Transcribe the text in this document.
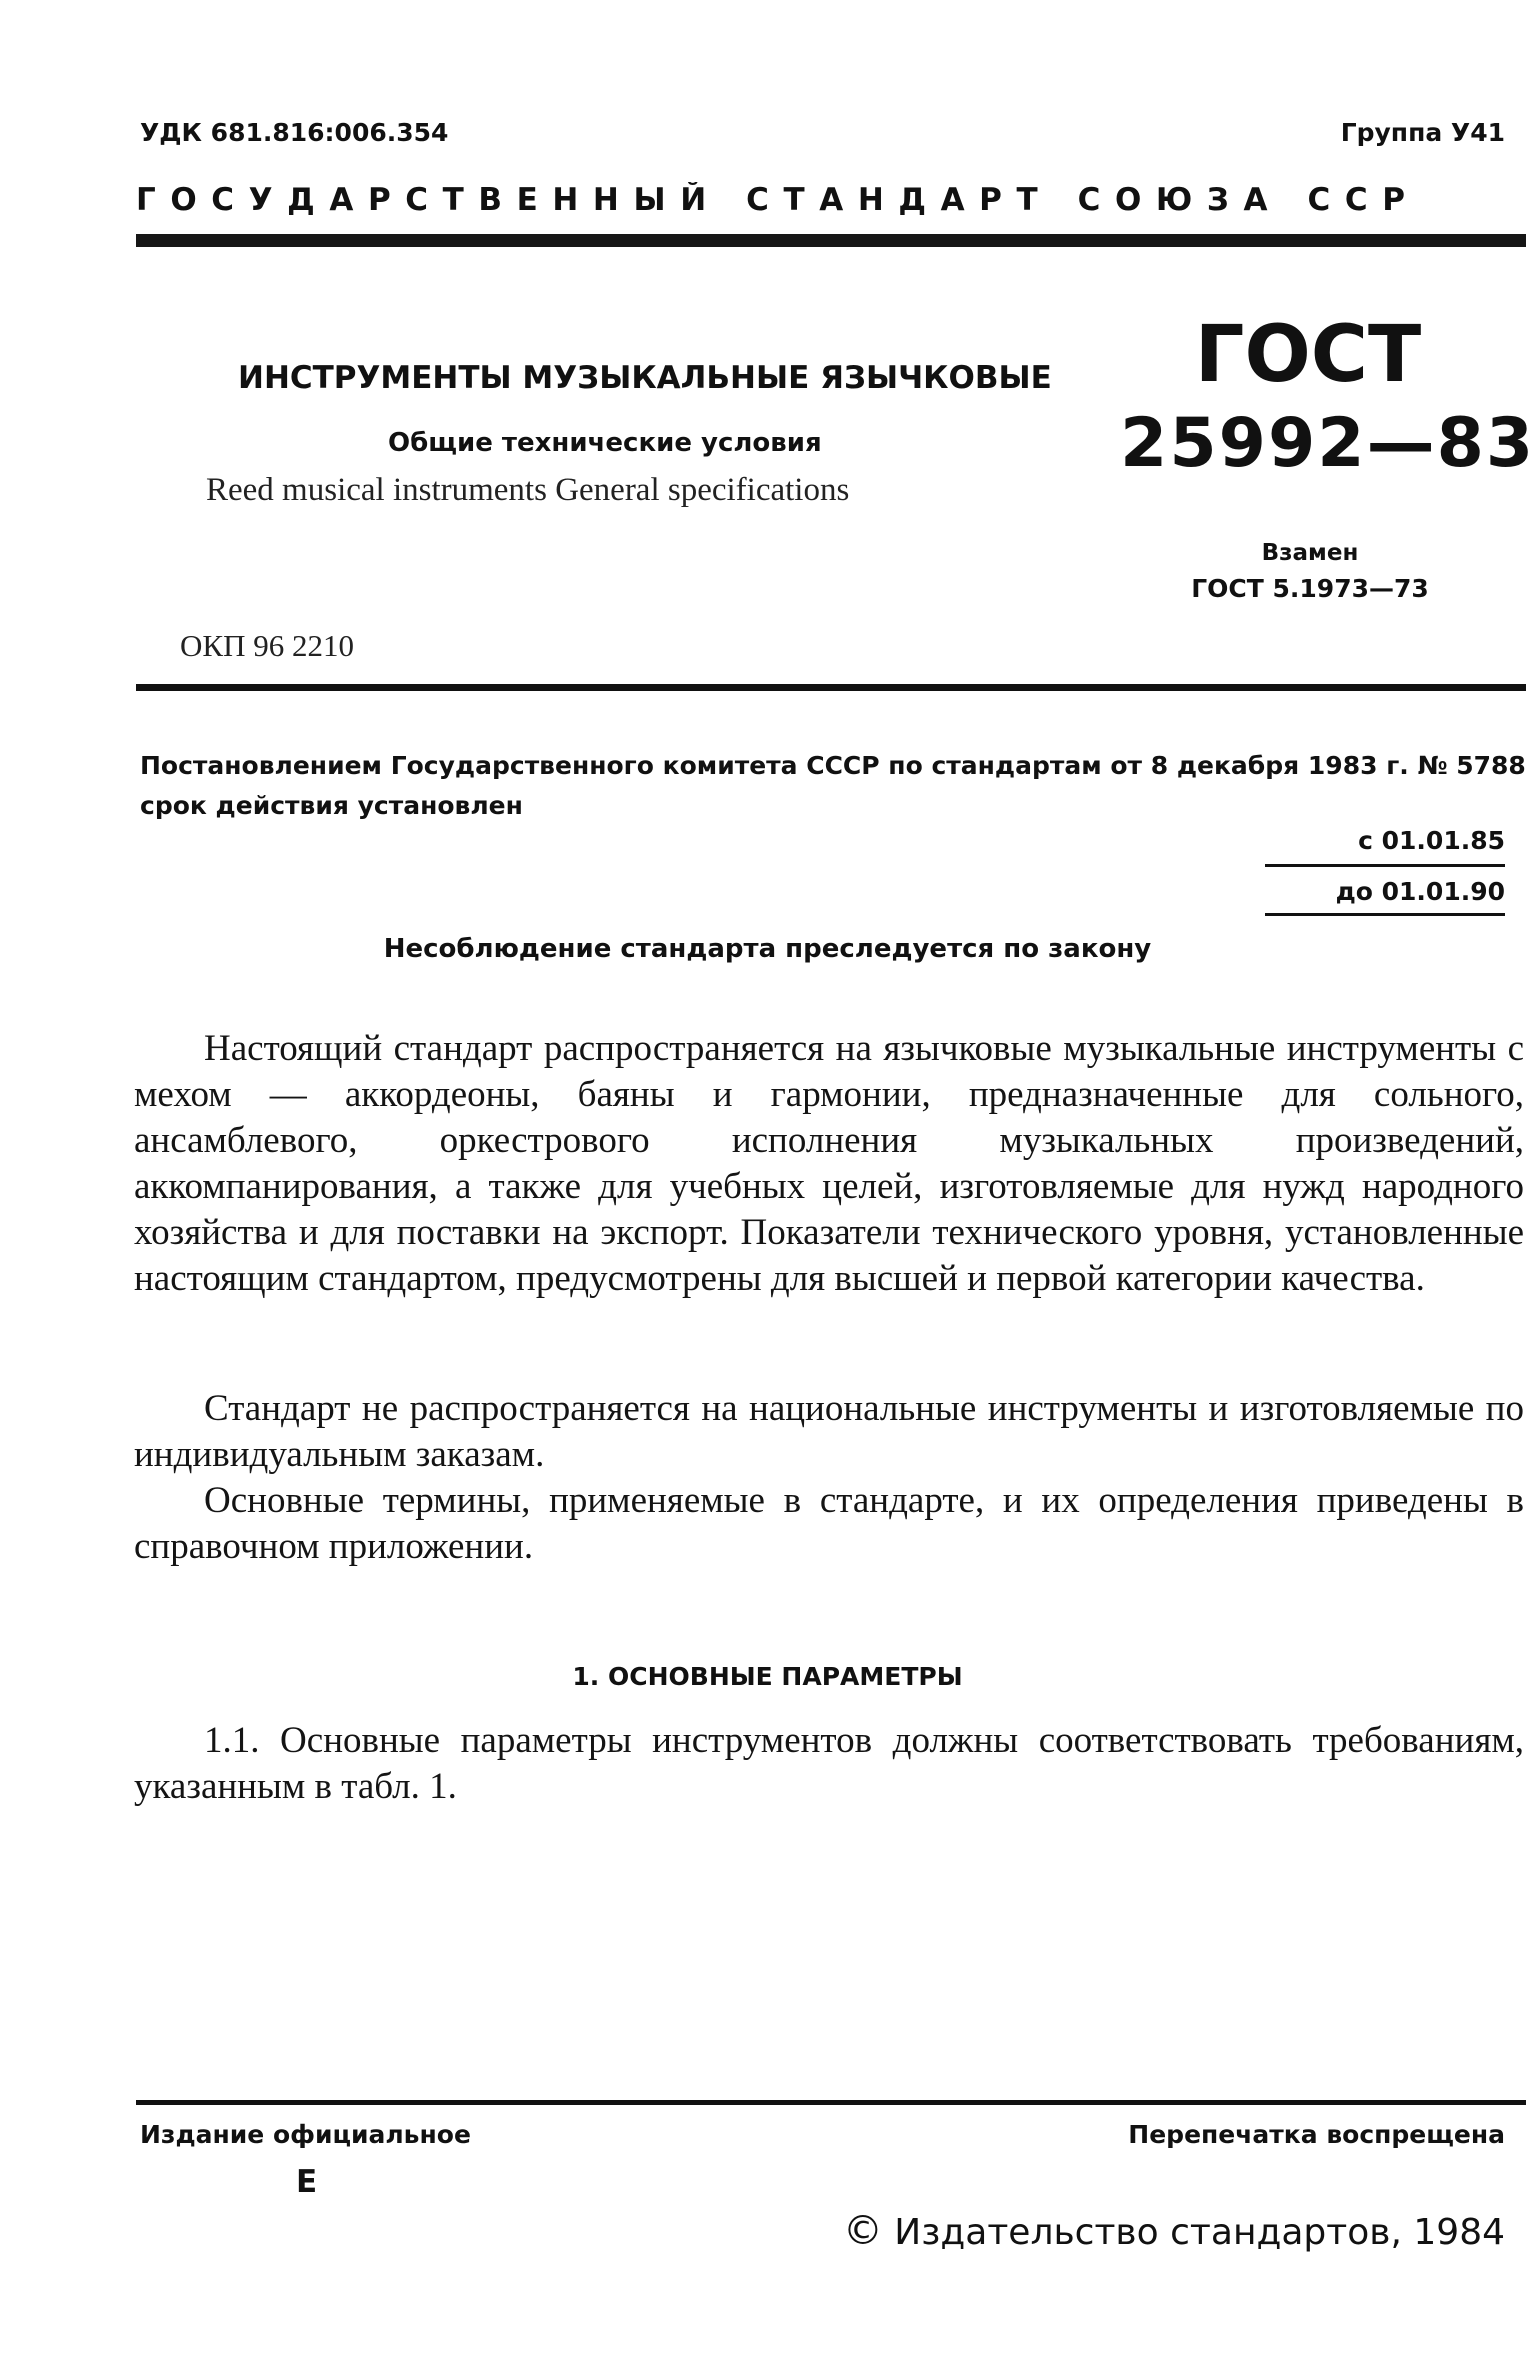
УДК 681.816:006.354	Группа У41

ГОСУДАРСТВЕННЫЙ СТАНДАРТ СОЮЗА ССР

ИНСТРУМЕНТЫ МУЗЫКАЛЬНЫЕ ЯЗЫЧКОВЫЕ

Общие технические условия

Reed musical instruments General specifications

ГОСТ

25992—83

Взамен

ГОСТ 5.1973—73

ОКП 96 2210

Постановлением Государственного комитета СССР по стандартам от 8 декабря 1983 г. № 5788 срок действия установлен

с 01.01.85
до 01.01.90

Несоблюдение стандарта преследуется по закону

Настоящий стандарт распространяется на язычковые музыкальные инструменты с мехом — аккордеоны, баяны и гармонии, предназначенные для сольного, ансамблевого, оркестрового исполнения музыкальных произведений, аккомпанирования, а также для учебных целей, изготовляемые для нужд народного хозяйства и для поставки на экспорт. Показатели технического уровня, установленные настоящим стандартом, предусмотрены для высшей и первой категории качества.

Стандарт не распространяется на национальные инструменты и изготовляемые по индивидуальным заказам.

Основные термины, применяемые в стандарте, и их определения приведены в справочном приложении.

1. ОСНОВНЫЕ ПАРАМЕТРЫ

1.1. Основные параметры инструментов должны соответствовать требованиям, указанным в табл. 1.

Издание официальное	Перепечатка воспрещена

Е

© Издательство стандартов, 1984
